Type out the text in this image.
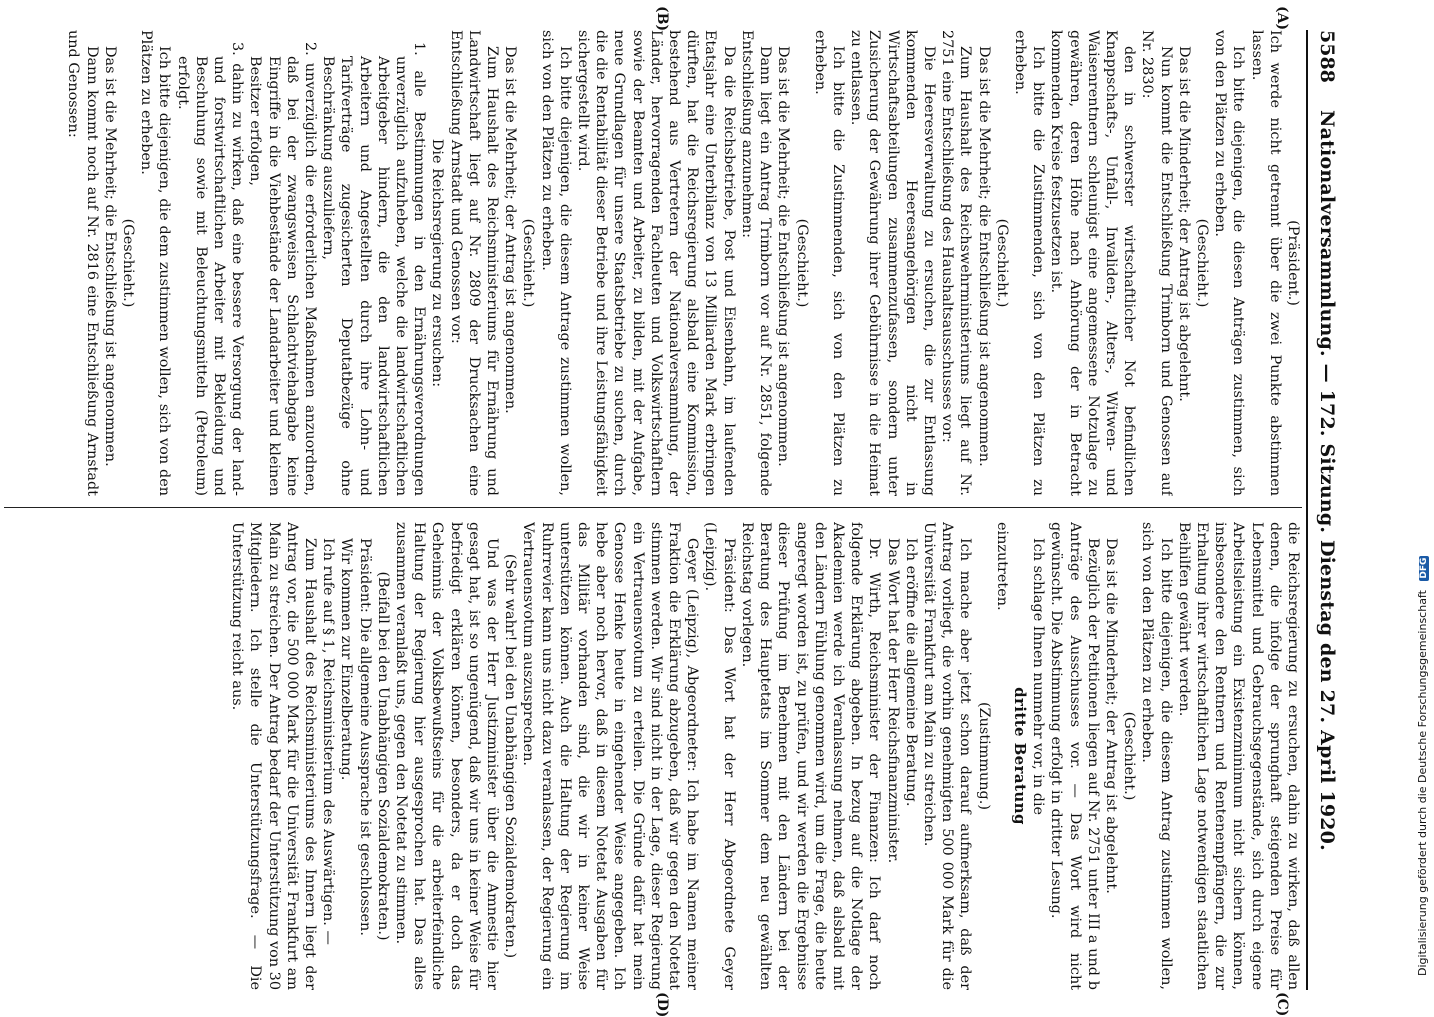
5588
Nationalversammlung. — 172. Sitzung. Dienstag den 27. April 1920.
(A)
(B)
(C)
(D)

(Präsident.)

Ich werde nicht getrennt über die zwei Punkte abstimmen lassen.

Ich bitte diejenigen, die diesen Anträgen zustimmen, sich von den Plätzen zu erheben.

(Geschieht.)

Das ist die Minderheit; der Antrag ist abgelehnt.

Nun kommt die Entschließung Trimborn und Genossen auf Nr. 2830:

den in schwerster wirtschaftlicher Not befindlichen Knappschafts-, Unfall-, Invaliden-, Alters-, Witwen- und Waisenrentnern schleunigst eine angemessene Notzulage zu gewähren, deren Höhe nach Anhörung der in Betracht kommenden Kreise festzusetzen ist.

Ich bitte die Zustimmenden, sich von den Plätzen zu erheben.

(Geschieht.)

Das ist die Mehrheit; die Entschließung ist angenommen.

Zum Haushalt des Reichswehrministeriums liegt auf Nr. 2751 eine Entschließung des Haushaltsausschusses vor:

Die Heeresverwaltung zu ersuchen, die zur Entlassung kommenden Heeresangehörigen nicht in Wirtschaftsabteilungen zusammenzufassen, sondern unter Zusicherung der Gewährung ihrer Gebührnisse in die Heimat zu entlassen.

Ich bitte die Zustimmenden, sich von den Plätzen zu erheben.

(Geschieht.)

Das ist die Mehrheit; die Entschließung ist angenommen.

Dann liegt ein Antrag Trimborn vor auf Nr. 2851, folgende Entschließung anzunehmen:

Da die Reichsbetriebe, Post und Eisenbahn, im laufenden Etatsjahr eine Unterbilanz von 13 Milliarden Mark erbringen dürften, hat die Reichsregierung alsbald eine Kommission, bestehend aus Vertretern der Nationalversammlung, der Länder, hervorragenden Fachleuten und Volkswirtschaftlern sowie der Beamten und Arbeiter, zu bilden, mit der Aufgabe, neue Grundlagen für unsere Staatsbetriebe zu suchen, durch die die Rentabilität dieser Betriebe und ihre Leistungsfähigkeit sichergestellt wird.

Ich bitte diejenigen, die diesem Antrage zustimmen wollen, sich von den Plätzen zu erheben.

(Geschieht.)

Das ist die Mehrheit; der Antrag ist angenommen.

Zum Haushalt des Reichsministeriums für Ernährung und Landwirtschaft liegt auf Nr. 2809 der Drucksachen eine Entschließung Arnstadt und Genossen vor:

Die Reichsregierung zu ersuchen:

1. alle Bestimmungen in den Ernährungsverordnungen unverzüglich aufzuheben, welche die landwirtschaftlichen Arbeitgeber hindern, die den landwirtschaftlichen Arbeitern und Angestellten durch ihre Lohn- und Tarifverträge zugesicherten Deputatbezüge ohne Beschränkung auszuliefern,

2. unverzüglich die erforderlichen Maßnahmen anzuordnen, daß bei der zwangsweisen Schlachtviehabgabe keine Eingriffe in die Viehbestände der Landarbeiter und kleinen Besitzer erfolgen,

3. dahin zu wirken, daß eine bessere Versorgung der land- und forstwirtschaftlichen Arbeiter mit Bekleidung und Beschuhung sowie mit Beleuchtungsmitteln (Petroleum) erfolgt.

Ich bitte diejenigen, die dem zustimmen wollen, sich von den Plätzen zu erheben.

(Geschieht.)

Das ist die Mehrheit; die Entschließung ist angenommen.

Dann kommt noch auf Nr. 2816 eine Entschließung Arnstadt und Genossen:

die Reichsregierung zu ersuchen, dahin zu wirken, daß allen denen, die infolge der sprunghaft steigenden Preise für Lebensmittel und Gebrauchsgegenstände, sich durch eigene Arbeitsleistung ein Existenzminimum nicht sichern können, insbesondere den Rentnern und Rentenempfängern, die zur Erhaltung ihrer wirtschaftlichen Lage notwendigen staatlichen Beihilfen gewährt werden.

Ich bitte diejenigen, die diesem Antrag zustimmen wollen, sich von den Plätzen zu erheben.

(Geschieht.)

Das ist die Minderheit; der Antrag ist abgelehnt.

Bezüglich der Petitionen liegen auf Nr. 2751 unter III a und b Anträge des Ausschusses vor. — Das Wort wird nicht gewünscht. Die Abstimmung erfolgt in dritter Lesung.

Ich schlage Ihnen nunmehr vor, in die

dritte Beratung

einzutreten.

(Zustimmung.)

Ich mache aber jetzt schon darauf aufmerksam, daß der Antrag vorliegt, die vorhin genehmigten 500 000 Mark für die Universität Frankfurt am Main zu streichen.

Ich eröffne die allgemeine Beratung.

Das Wort hat der Herr Reichsfinanzminister.

Dr. Wirth, Reichsminister der Finanzen: Ich darf noch folgende Erklärung abgeben. In bezug auf die Notlage der Akademien werde ich Veranlassung nehmen, daß alsbald mit den Ländern Fühlung genommen wird, um die Frage, die heute angeregt worden ist, zu prüfen, und wir werden die Ergebnisse dieser Prüfung im Benehmen mit den Ländern bei der Beratung des Hauptetats im Sommer dem neu gewählten Reichstag vorlegen.

Präsident: Das Wort hat der Herr Abgeordnete Geyer (Leipzig).

Geyer (Leipzig), Abgeordneter: Ich habe im Namen meiner Fraktion die Erklärung abzugeben, daß wir gegen den Notetat stimmen werden. Wir sind nicht in der Lage, dieser Regierung ein Vertrauensvotum zu erteilen. Die Gründe dafür hat mein Genosse Henke heute in eingehender Weise angegeben. Ich hebe aber noch hervor, daß in diesem Notetat Ausgaben für das Militär vorhanden sind, die wir in keiner Weise unterstützen können. Auch die Haltung der Regierung im Ruhrrevier kann uns nicht dazu veranlassen, der Regierung ein Vertrauensvotum auszusprechen.

(Sehr wahr! bei den Unabhängigen Sozialdemokraten.)

Und was der Herr Justizminister über die Amnestie hier gesagt hat, ist so ungenügend, daß wir uns in keiner Weise für befriedigt erklären können, besonders, da er doch das Geheimnis der Volksbewußtseins für die arbeiterfeindliche Haltung der Regierung hier ausgesprochen hat. Das alles zusammen veranlaßt uns, gegen den Notetat zu stimmen.

(Beifall bei den Unabhängigen Sozialdemokraten.)

Präsident: Die allgemeine Aussprache ist geschlossen.

Wir kommen zur Einzelberatung.

Ich rufe auf § 1, Reichsministerium des Auswärtigen. —

Zum Haushalt des Reichsministeriums des Innern liegt der Antrag vor, die 500 000 Mark für die Universität Frankfurt am Main zu streichen. Der Antrag bedarf der Unterstützung von 30 Mitgliedern. Ich stelle die Unterstützungsfrage. — Die Unterstützung reicht aus.	Digitalisierung gefördert durch die Deutsche Forschungsgemeinschaft DFG
